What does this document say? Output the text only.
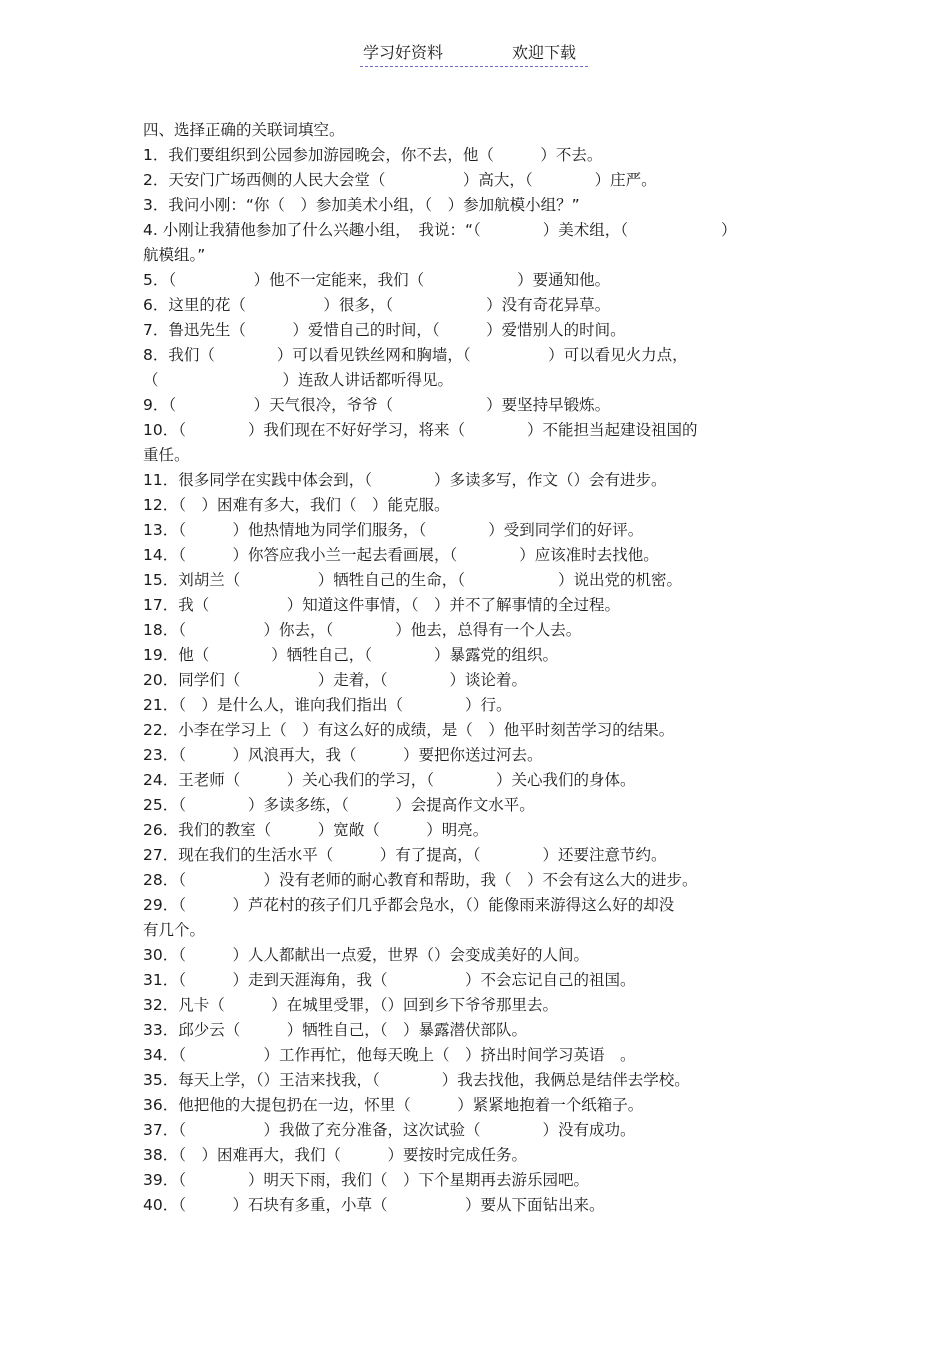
学习好资料	欢迎下载
四、选择正确的关联词填空。
1．我们要组织到公园参加游园晚会，你不去，他（　　　）不去。
2．天安门广场西侧的人民大会堂（　　　　　）高大，（　　　　）庄严。
3．我问小刚：“你（　）参加美术小组，（　）参加航模小组？”
4. 小刚让我猜他参加了什么兴趣小组，　我说：“（　　　　）美术组，（　　　　　　）
航模组。”
5．（　　　　　）他不一定能来，我们（　　　　　　）要通知他。
6．这里的花（　　　　　）很多，（　　　　　　）没有奇花异草。
7．鲁迅先生（　　　）爱惜自己的时间，（　　　）爱惜别人的时间。
8．我们（　　　　）可以看见铁丝网和胸墙，（　　　　　）可以看见火力点，
（　　　　　　　　）连敌人讲话都听得见。
9．（　　　　　）天气很冷，爷爷（　　　　　　）要坚持早锻炼。
10．（　　　　）我们现在不好好学习，将来（　　　　）不能担当起建设祖国的
重任。
11．很多同学在实践中体会到，（　　　　）多读多写，作文（）会有进步。
12．（　）困难有多大，我们（　）能克服。
13．（　　　）他热情地为同学们服务，（　　　　）受到同学们的好评。
14．（　　　）你答应我小兰一起去看画展，（　　　　）应该准时去找他。
15．刘胡兰（　　　　　）牺牲自己的生命，（　　　　　　）说出党的机密。
17．我（　　　　　）知道这件事情，（　）并不了解事情的全过程。
18．（　　　　　）你去，（　　　　）他去，总得有一个人去。
19．他（　　　　）牺牲自己，（　　　　）暴露党的组织。
20．同学们（　　　　　）走着，（　　　　）谈论着。
21．（　）是什么人，谁向我们指出（　　　　）行。
22．小李在学习上（　）有这么好的成绩，是（　）他平时刻苦学习的结果。
23．（　　　）风浪再大，我（　　　）要把你送过河去。
24．王老师（　　　）关心我们的学习，（　　　　）关心我们的身体。
25．（　　　　）多读多练，（　　　）会提高作文水平。
26．我们的教室（　　　）宽敞（　　　）明亮。
27．现在我们的生活水平（　　　）有了提高，（　　　　）还要注意节约。
28．（　　　　　）没有老师的耐心教育和帮助，我（　）不会有这么大的进步。
29．（　　　）芦花村的孩子们几乎都会凫水，（）能像雨来游得这么好的却没
有几个。
30．（　　　）人人都献出一点爱，世界（）会变成美好的人间。
31．（　　　）走到天涯海角，我（　　　　　）不会忘记自己的祖国。
32．凡卡（　　　）在城里受罪，（）回到乡下爷爷那里去。
33．邱少云（　　　）牺牲自己，（　）暴露潜伏部队。
34．（　　　　　）工作再忙，他每天晚上（　）挤出时间学习英语　。
35．每天上学，（）王洁来找我，（　　　　）我去找他，我俩总是结伴去学校。
36．他把他的大提包扔在一边，怀里（　　　）紧紧地抱着一个纸箱子。
37．（　　　　　）我做了充分准备，这次试验（　　　　）没有成功。
38．（　）困难再大，我们（　　　）要按时完成任务。
39．（　　　　）明天下雨，我们（　）下个星期再去游乐园吧。
40．（　　　）石块有多重，小草（　　　　　）要从下面钻出来。
